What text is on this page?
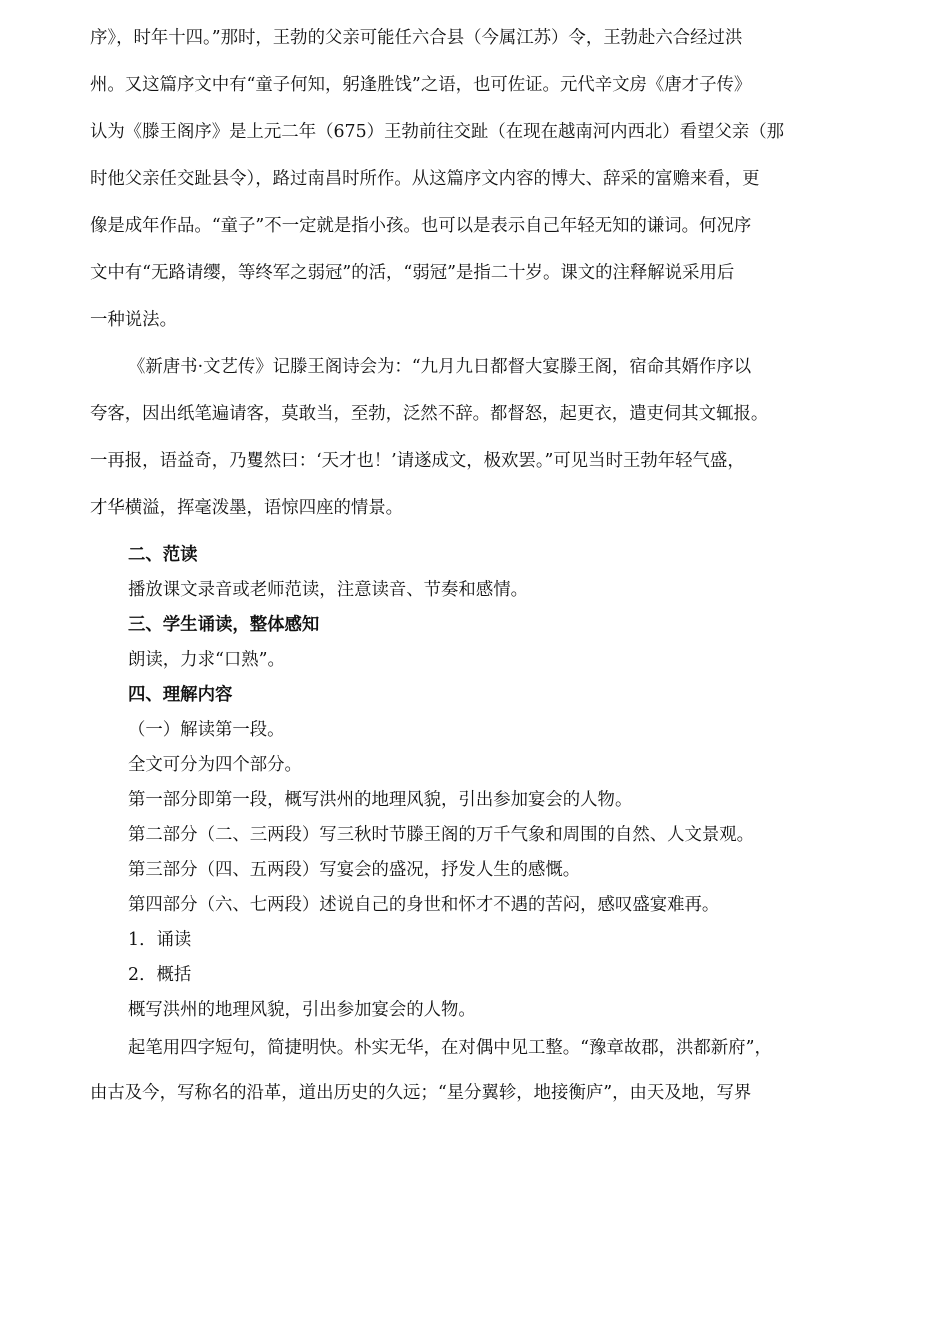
序》，时年十四。”那时，王勃的父亲可能任六合县（今属江苏）令，王勃赴六合经过洪

州。又这篇序文中有“童子何知，躬逢胜饯”之语，也可佐证。元代辛文房《唐才子传》

认为《滕王阁序》是上元二年（675）王勃前往交趾（在现在越南河内西北）看望父亲（那

时他父亲任交趾县令），路过南昌时所作。从这篇序文内容的博大、辞采的富赡来看，更

像是成年作品。“童子”不一定就是指小孩。也可以是表示自己年轻无知的谦词。何况序

文中有“无路请缨，等终军之弱冠”的活，“弱冠”是指二十岁。课文的注释解说采用后

一种说法。

《新唐书·文艺传》记滕王阁诗会为：“九月九日都督大宴滕王阁，宿命其婿作序以

夸客，因出纸笔遍请客，莫敢当，至勃，泛然不辞。都督怒，起更衣，遣吏伺其文辄报。

一再报，语益奇，乃矍然曰：‘天才也！’请遂成文，极欢罢。”可见当时王勃年轻气盛，

才华横溢，挥毫泼墨，语惊四座的情景。

二、范读

播放课文录音或老师范读，注意读音、节奏和感情。

三、学生诵读，整体感知

朗读，力求“口熟”。

四、理解内容

（一）解读第一段。

全文可分为四个部分。

第一部分即第一段，概写洪州的地理风貌，引出参加宴会的人物。

第二部分（二、三两段）写三秋时节滕王阁的万千气象和周围的自然、人文景观。

第三部分（四、五两段）写宴会的盛况，抒发人生的感慨。

第四部分（六、七两段）述说自己的身世和怀才不遇的苦闷，感叹盛宴难再。

1．诵读

2．概括

概写洪州的地理风貌，引出参加宴会的人物。

起笔用四字短句，简捷明快。朴实无华，在对偶中见工整。“豫章故郡，洪都新府”，

由古及今，写称名的沿革，道出历史的久远；“星分翼轸，地接衡庐”，由天及地，写界
